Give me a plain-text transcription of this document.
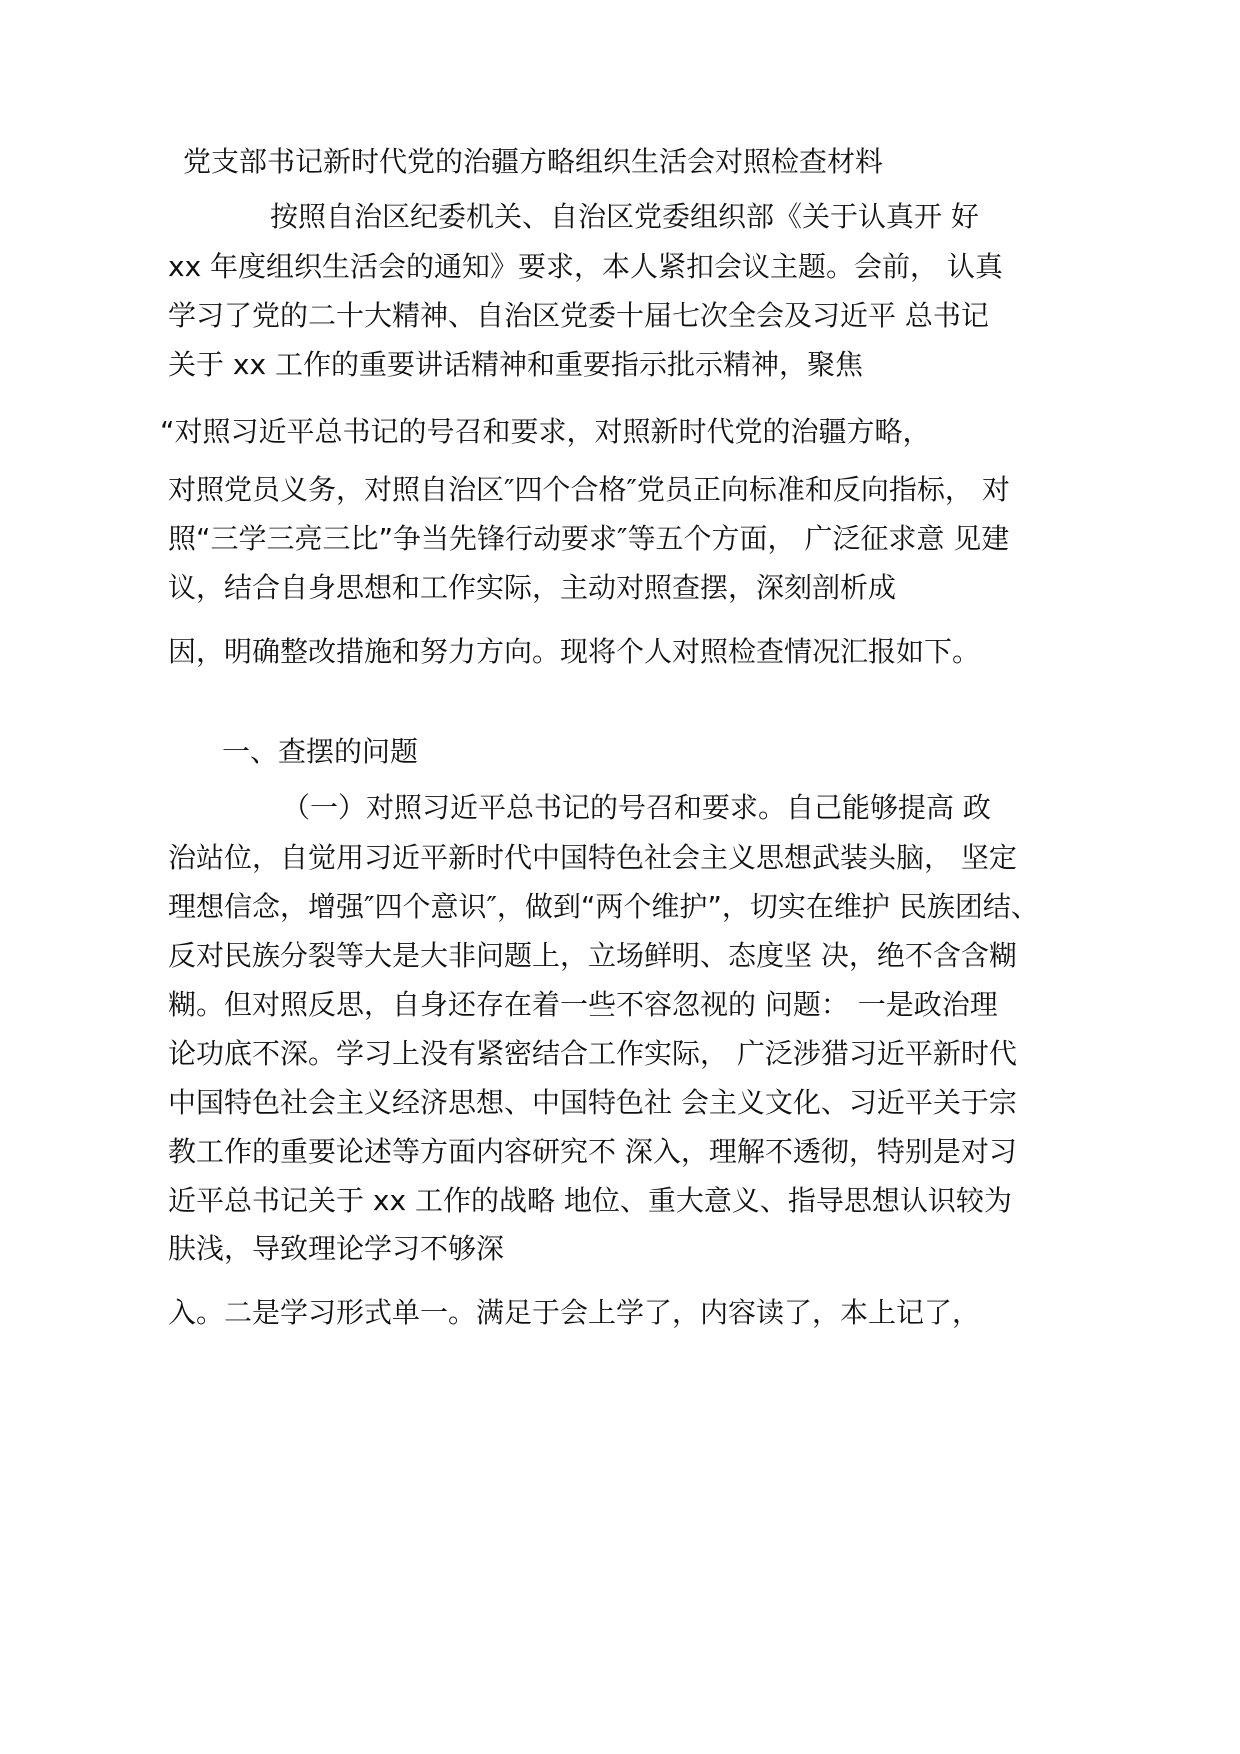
党支部书记新时代党的治疆方略组织生活会对照检查材料
按照自治区纪委机关、自治区党委组织部《关于认真开 好
xx 年度组织生活会的通知》要求，本人紧扣会议主题。会前， 认真
学习了党的二十大精神、自治区党委十届七次全会及习近平 总书记
关于 xx 工作的重要讲话精神和重要指示批示精神，聚焦
“对照习近平总书记的号召和要求，对照新时代党的治疆方略，
对照党员义务，对照自治区″四个合格″党员正向标准和反向指标， 对
照“三学三亮三比”争当先锋行动要求″等五个方面， 广泛征求意 见建
议，结合自身思想和工作实际，主动对照查摆，深刻剖析成
因，明确整改措施和努力方向。现将个人对照检查情况汇报如下。
一、查摆的问题
（一）对照习近平总书记的号召和要求。自己能够提高 政
治站位，自觉用习近平新时代中国特色社会主义思想武装头脑， 坚定
理想信念，增强″四个意识″，做到“两个维护”，切实在维护 民族团结、
反对民族分裂等大是大非问题上，立场鲜明、态度坚 决，绝不含含糊
糊。但对照反思，自身还存在着一些不容忽视的 问题： 一是政治理
论功底不深。学习上没有紧密结合工作实际， 广泛涉猎习近平新时代
中国特色社会主义经济思想、中国特色社 会主义文化、习近平关于宗
教工作的重要论述等方面内容研究不 深入，理解不透彻，特别是对习
近平总书记关于 xx 工作的战略 地位、重大意义、指导思想认识较为
肤浅，导致理论学习不够深
入。二是学习形式单一。满足于会上学了，内容读了，本上记了，
